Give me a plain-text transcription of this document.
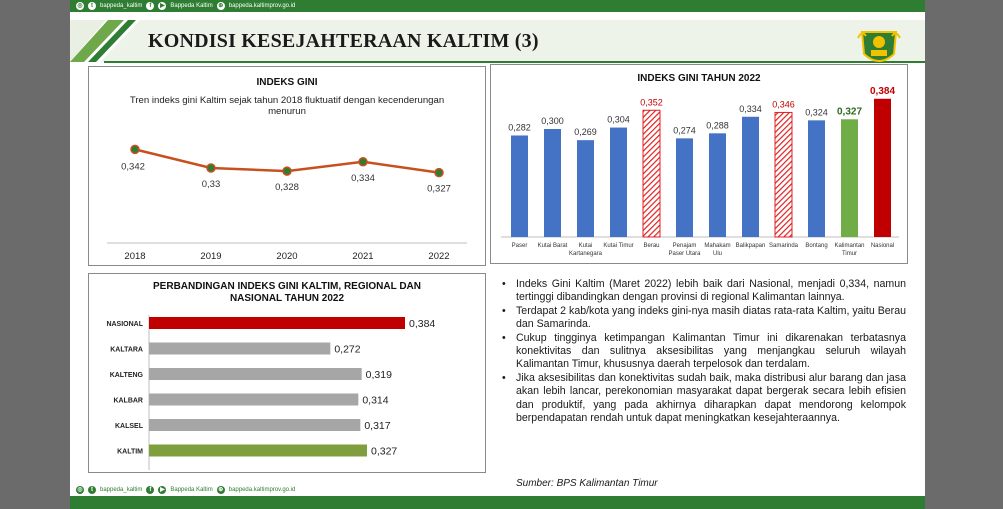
◎	t	bappeda_kaltim	f	▶ Bappeda Kaltim ⊕ bappeda.kaltimprov.go.id
KONDISI KESEJAHTERAAN KALTIM (3)
INDEKS GINI
Tren indeks gini Kaltim sejak tahun 2018 fluktuatif dengan kecenderungan menurun
0,342
2018
0,33
2019
0,328
2020
0,334
2021
0,327
2022
INDEKS GINI TAHUN 2022
0,282
Paser
0,300
Kutai Barat
0,269
Kutai
Kartanegara
0,304
Kutai Timur
0,352
Berau
0,274
Penajam
Paser Utara
0,288
Mahakam
Ulu
0,334
Balikpapan
0,346
Samarinda
0,324
Bontang
0,327
Kalimantan
Timur
0,384
Nasional
PERBANDINGAN INDEKS GINI KALTIM, REGIONAL DAN NASIONAL TAHUN 2022
NASIONAL	0,384
KALTARA	0,272
KALTENG	0,319
KALBAR	0,314
KALSEL	0,317
KALTIM	0,327
• Indeks Gini Kaltim (Maret 2022) lebih baik dari Nasional, menjadi 0,334, namun tertinggi dibandingkan dengan provinsi di regional Kalimantan lainnya.
• Terdapat 2 kab/kota yang indeks gini-nya masih diatas rata-rata Kaltim, yaitu Berau dan Samarinda.
• Cukup tingginya ketimpangan Kalimantan Timur ini dikarenakan terbatasnya konektivitas dan sulitnya aksesibilitas yang menjangkau seluruh wilayah Kalimantan Timur, khususnya daerah terpelosok dan terdalam.
• Jika aksesibilitas dan konektivitas sudah baik, maka distribusi alur barang dan jasa akan lebih lancar, perekonomian masyarakat dapat bergerak secara lebih efisien dan produktif, yang pada akhirnya diharapkan dapat mendorong kelompok berpendapatan rendah untuk dapat meningkatkan kesejahteraannya.
Sumber: BPS Kalimantan Timur
◎	t	bappeda_kaltim	f	▶ Bappeda Kaltim ⊕ bappeda.kaltimprov.go.id
